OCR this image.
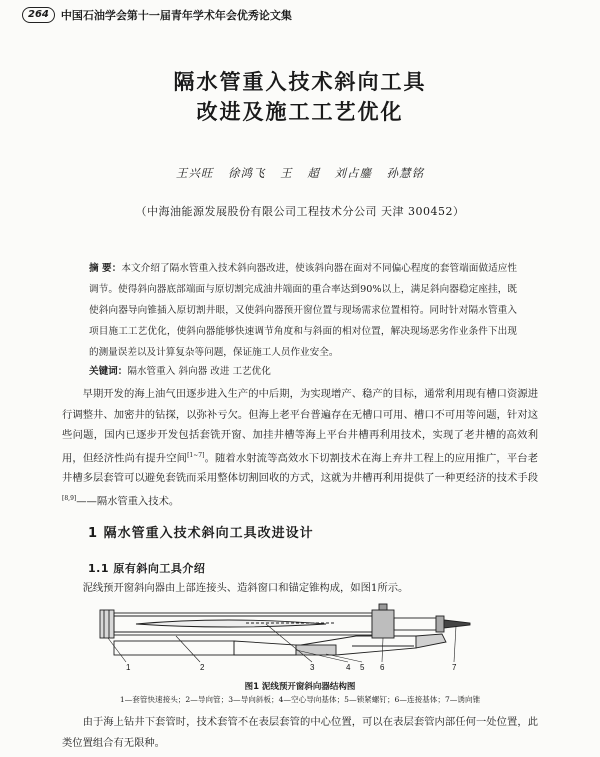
264	中国石油学会第十一届青年学术年会优秀论文集
隔水管重入技术斜向工具
改进及施工工艺优化
王兴旺 徐鸿飞 王 超 刘占鏖 孙慧铭
（中海油能源发展股份有限公司工程技术分公司 天津 300452）
摘 要：本文介绍了隔水管重入技术斜向器改进，使该斜向器在面对不同偏心程度的套管端面做适应性调节。使得斜向器底部端面与原切割完成油井端面的重合率达到90%以上，满足斜向器稳定座挂，既使斜向器导向锥插入原切割井眼，又使斜向器预开窗位置与现场需求位置相符。同时针对隔水管重入项目施工工艺优化，使斜向器能够快速调节角度和与斜面的相对位置，解决现场恶劣作业条件下出现的测量误差以及计算复杂等问题，保证施工人员作业安全。
关键词：隔水管重入 斜向器 改进 工艺优化
早期开发的海上油气田逐步进入生产的中后期，为实现增产、稳产的目标，通常利用现有槽口资源进行调整井、加密井的钻探，以弥补亏欠。但海上老平台普遍存在无槽口可用、槽口不可用等问题，针对这些问题，国内已逐步开发包括套铣开窗、加挂井槽等海上平台井槽再利用技术，实现了老井槽的高效利用，但经济性尚有提升空间[1~7]。随着水射流等高效水下切割技术在海上弃井工程上的应用推广，平台老井槽多层套管可以避免套铣而采用整体切割回收的方式，这就为井槽再利用提供了一种更经济的技术手段[8,9]——隔水管重入技术。
1 隔水管重入技术斜向工具改进设计
1.1 原有斜向工具介绍
泥线预开窗斜向器由上部连接头、造斜窗口和锚定锥构成，如图1所示。
1	2	3	4 5 6	7
图1 泥线预开窗斜向器结构图
1—套管快速接头；2—导向管；3—导向斜板；4—空心导向基体；5—锁紧螺钉；6—连接基体；7—诱向锥
由于海上钻井下套管时，技术套管不在表层套管的中心位置，可以在表层套管内部任何一处位置，此类位置组合有无限种。
